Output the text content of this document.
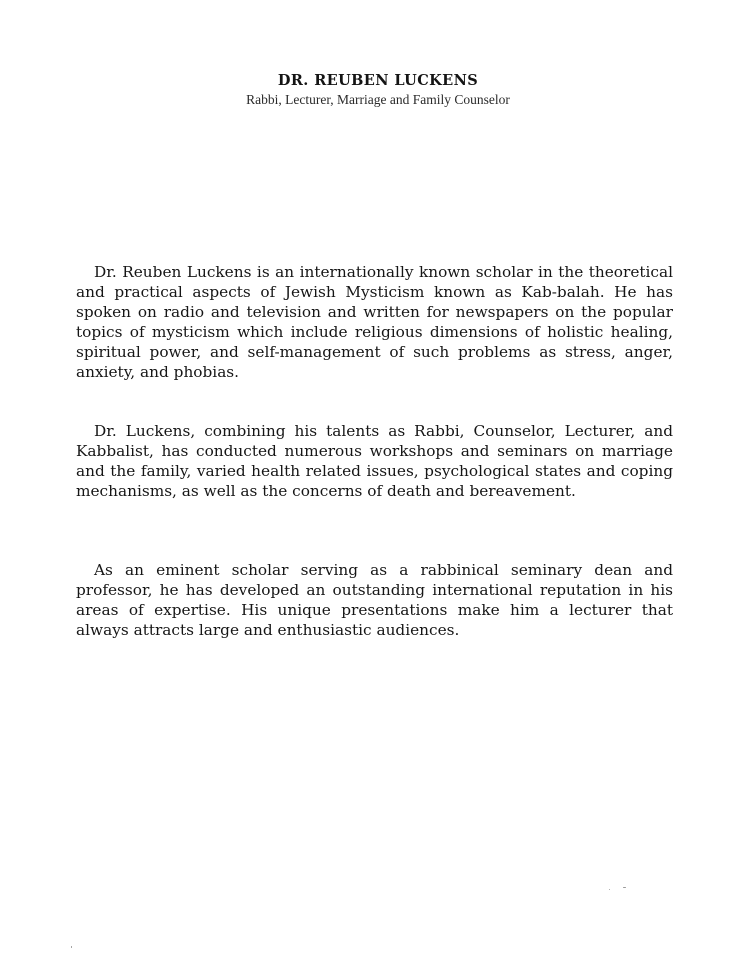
DR. REUBEN LUCKENS
Rabbi, Lecturer, Marriage and Family Counselor

Dr. Reuben Luckens is an internationally known scholar in the theoretical and practical aspects of Jewish Mysticism known as Kab-balah. He has spoken on radio and television and written for newspapers on the popular topics of mysticism which include religious dimensions of holistic healing, spiritual power, and self-management of such problems as stress, anger, anxiety, and phobias.

Dr. Luckens, combining his talents as Rabbi, Counselor, Lecturer, and Kabbalist, has conducted numerous workshops and seminars on marriage and the family, varied health related issues, psychological states and coping mechanisms, as well as the concerns of death and bereavement.

As an eminent scholar serving as a rabbinical seminary dean and professor, he has developed an outstanding international reputation in his areas of expertise. His unique presentations make him a lecturer that always attracts large and enthusiastic audiences.
